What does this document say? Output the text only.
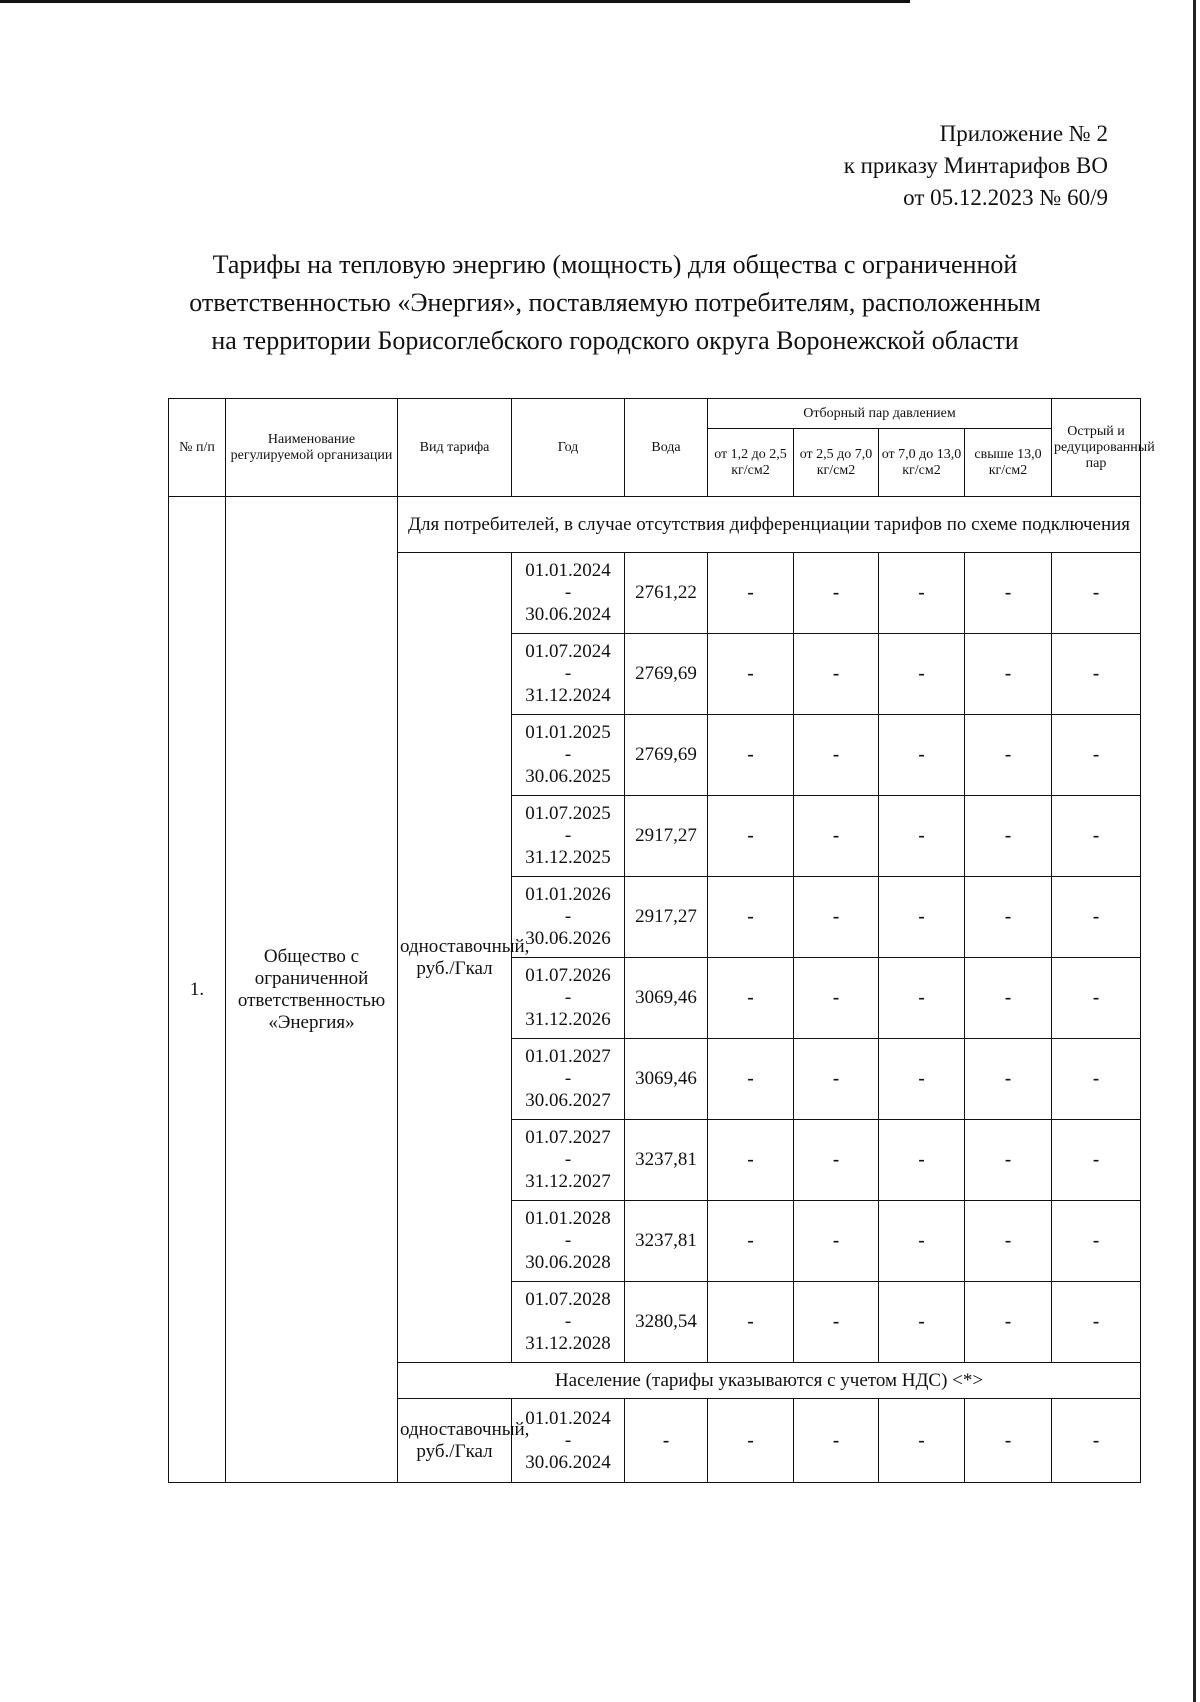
Приложение № 2
к приказу Минтарифов ВО
от 05.12.2023 № 60/9
Тарифы на тепловую энергию (мощность) для общества с ограниченной
ответственностью «Энергия», поставляемую потребителям, расположенным
на территории Борисоглебского городского округа Воронежской области
№ п/п	Наименование регулируемой организации	Вид тарифа	Год	Вода	Отборный пар давлением				Острый и редуцированный пар
					от 1,2 до 2,5 кг/см2	от 2,5 до 7,0 кг/см2	от 7,0 до 13,0 кг/см2	свыше 13,0 кг/см2	
1.	Общество с ограниченной ответственностью «Энергия»	Для потребителей, в случае отсутствия дифференциации тарифов по схеме подключения							
		одноставочный, руб./Гкал	01.01.2024
-
30.06.2024	2761,22	-	-	-	-	-

			01.07.2024
-
31.12.2024	2769,69	-	-	-	-	-

			01.01.2025
-
30.06.2025	2769,69	-	-	-	-	-

			01.07.2025
-
31.12.2025	2917,27	-	-	-	-	-

			01.01.2026
-
30.06.2026	2917,27	-	-	-	-	-

			01.07.2026
-
31.12.2026	3069,46	-	-	-	-	-

			01.01.2027
-
30.06.2027	3069,46	-	-	-	-	-

			01.07.2027
-
31.12.2027	3237,81	-	-	-	-	-

			01.01.2028
-
30.06.2028	3237,81	-	-	-	-	-

			01.07.2028
-
31.12.2028	3280,54	-	-	-	-	-
		Население (тарифы указываются с учетом НДС) <*>							
		одноставочный, руб./Гкал	01.01.2024
-
30.06.2024	-	-	-	-	-	-
